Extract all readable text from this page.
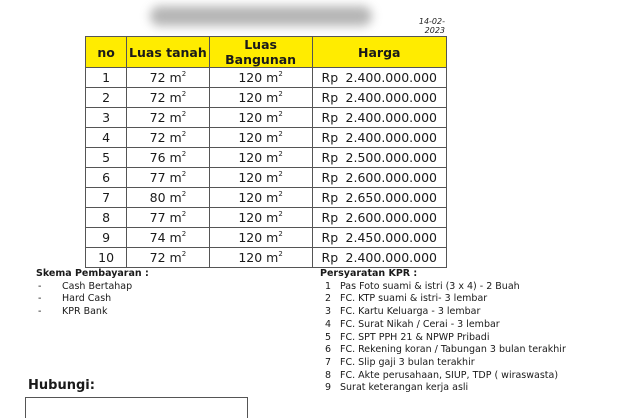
14-02-2023
no	Luas tanah	Luas Bangunan	Harga
1	72 $m^2$	120 $m^2$	Rp 2.400.000.000
2	72 $m^2$	120 $m^2$	Rp 2.400.000.000
3	72 $m^2$	120 $m^2$	Rp 2.400.000.000
4	72 $m^2$	120 $m^2$	Rp 2.400.000.000
5	76 $m^2$	120 $m^2$	Rp 2.500.000.000
6	77 $m^2$	120 $m^2$	Rp 2.600.000.000
7	80 $m^2$	120 $m^2$	Rp 2.650.000.000
8	77 $m^2$	120 $m^2$	Rp 2.600.000.000
9	74 $m^2$	120 $m^2$	Rp 2.450.000.000
10	72 $m^2$	120 $m^2$	Rp 2.400.000.000
Skema Pembayaran :
-	Cash Bertahap
-	Hard Cash
-	KPR Bank
Persyaratan KPR :
1 Pas Foto suami & istri (3 x 4) - 2 Buah
2 FC. KTP suami & istri- 3 lembar
3 FC. Kartu Keluarga - 3 lembar
4 FC. Surat Nikah / Cerai - 3 lembar
5 FC. SPT PPH 21 & NPWP Pribadi
6 FC. Rekening koran / Tabungan 3 bulan terakhir
7 FC. Slip gaji 3 bulan terakhir
8 FC. Akte perusahaan, SIUP, TDP ( wiraswasta)
9 Surat keterangan kerja asli
Hubungi:
